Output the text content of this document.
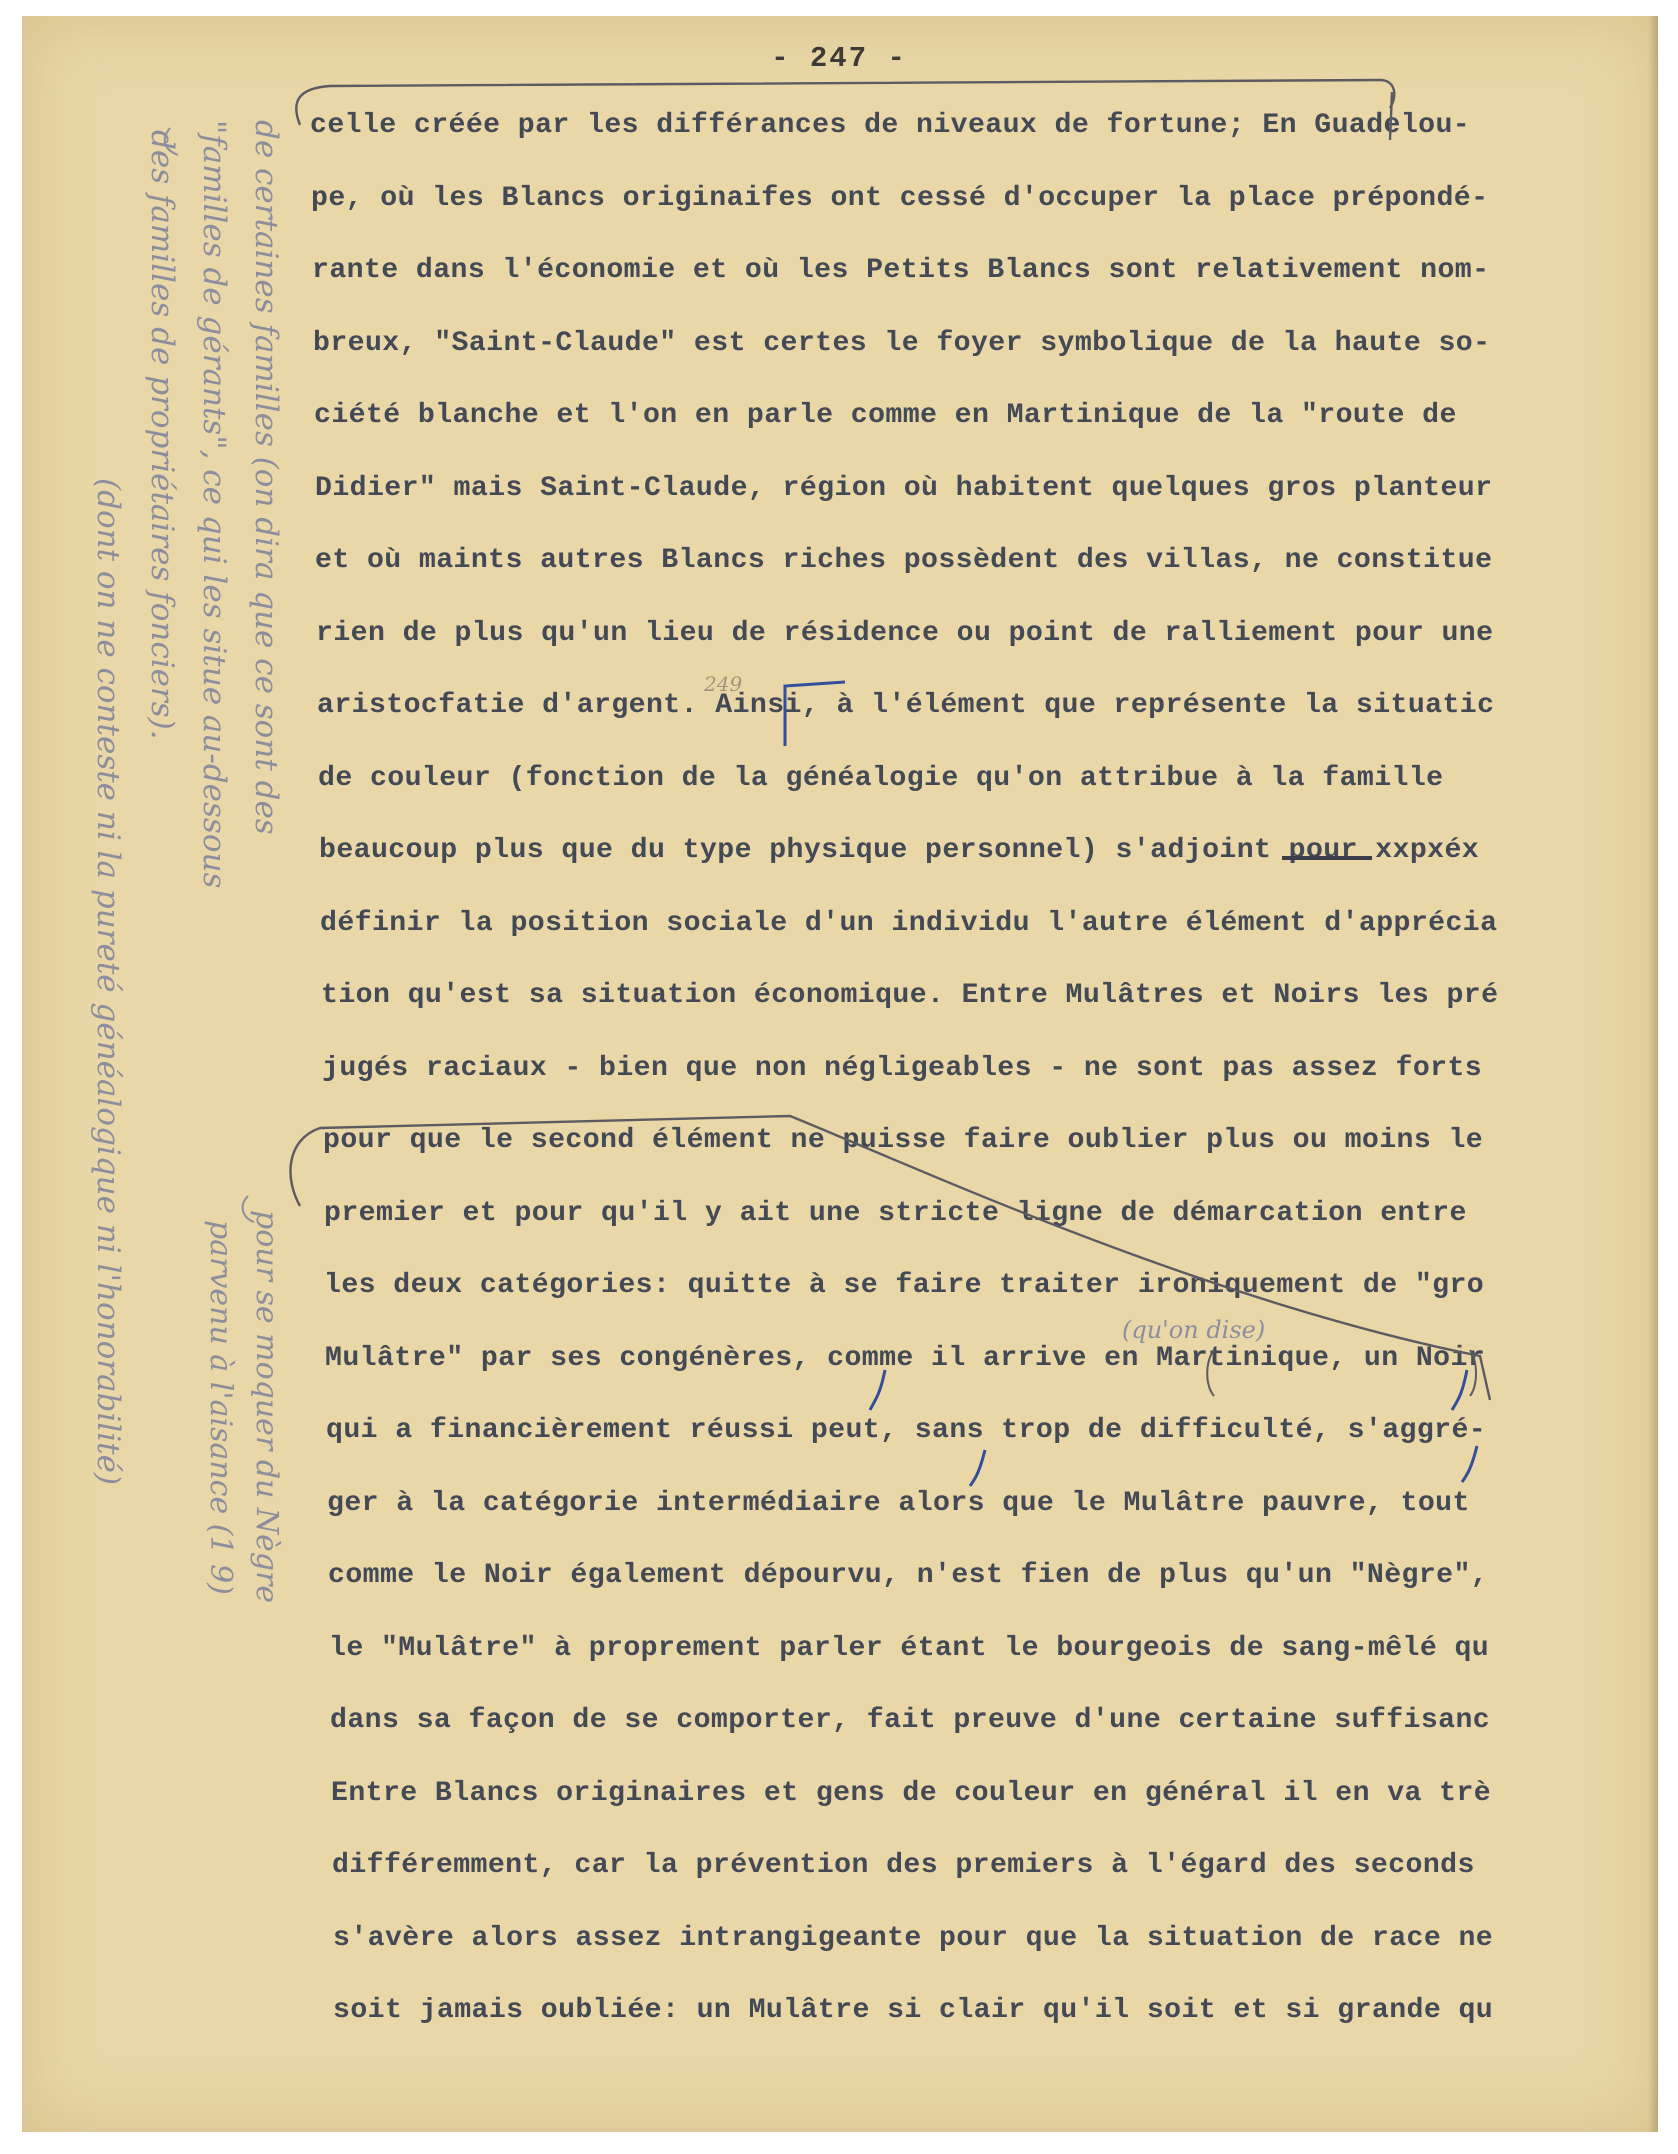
- 247 -
celle créée par les différances de niveaux de fortune; En Guadelou-
pe, où les Blancs originaifes ont cessé d'occuper la place prépondé-
rante dans l'économie et où les Petits Blancs sont relativement nom-
breux, "Saint-Claude" est certes le foyer symbolique de la haute so-
ciété blanche et l'on en parle comme en Martinique de la "route de
Didier" mais Saint-Claude, région où habitent quelques gros planteur
et où maints autres Blancs riches possèdent des villas, ne constitue
rien de plus qu'un lieu de résidence ou point de ralliement pour une
aristocfatie d'argent. Ainsi, à l'élément que représente la situatic
de couleur (fonction de la généalogie qu'on attribue à la famille
beaucoup plus que du type physique personnel) s'adjoint pour xxpxéx
définir la position sociale d'un individu l'autre élément d'apprécia
tion qu'est sa situation économique. Entre Mulâtres et Noirs les pré
jugés raciaux - bien que non négligeables - ne sont pas assez forts
pour que le second élément ne puisse faire oublier plus ou moins le
premier et pour qu'il y ait une stricte ligne de démarcation entre
les deux catégories: quitte à se faire traiter ironiquement de "gro
Mulâtre" par ses congénères, comme il arrive en Martinique, un Noir
qui a financièrement réussi peut, sans trop de difficulté, s'aggré-
ger à la catégorie intermédiaire alors que le Mulâtre pauvre, tout
comme le Noir également dépourvu, n'est fien de plus qu'un "Nègre",
le "Mulâtre" à proprement parler étant le bourgeois de sang-mêlé qu
dans sa façon de se comporter, fait preuve d'une certaine suffisanc
Entre Blancs originaires et gens de couleur en général il en va trè
différemment, car la prévention des premiers à l'égard des seconds
s'avère alors assez intrangigeante pour que la situation de race ne
soit jamais oubliée: un Mulâtre si clair qu'il soit et si grande qu
de certaines familles (on dira que ce sont des
"familles de gérants", ce qui les situe au-dessous
des familles de propriétaires fonciers).
(dont on ne conteste ni la pureté généalogique ni l'honorabilité)	pour se moquer du Nègre
parvenu à l'aisance (1 9)	(qu'on dise)
249
